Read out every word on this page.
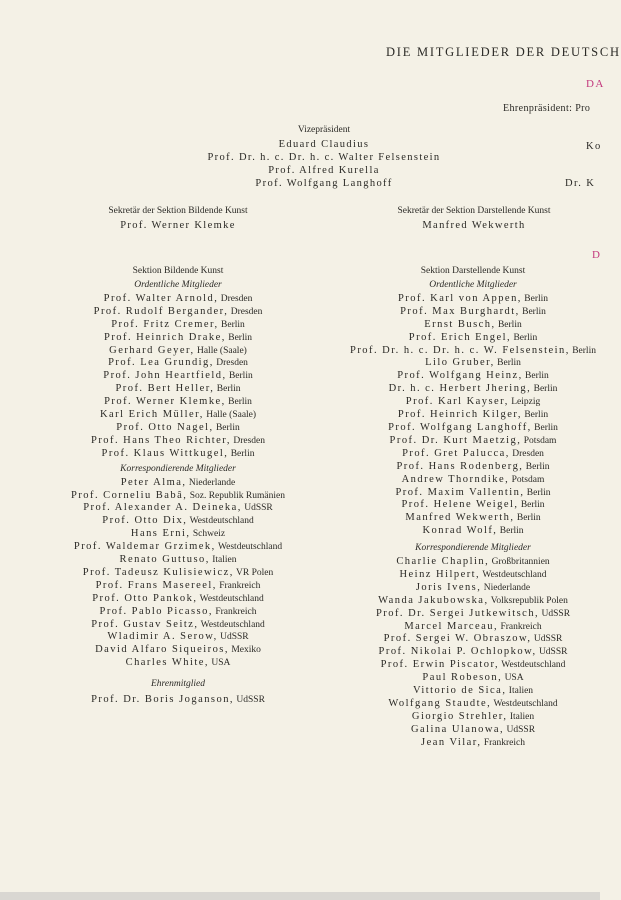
DIE MITGLIEDER DER DEUTSCH
DA
Ehrenpräsident: Pro
Ko
Dr. K
D
Vizepräsident
Eduard Claudius
Prof. Dr. h. c. Dr. h. c. Walter Felsenstein
Prof. Alfred Kurella
Prof. Wolfgang Langhoff
Sekretär der Sektion Bildende Kunst
Prof. Werner Klemke
Sekretär der Sektion Darstellende Kunst
Manfred Wekwerth
Sektion Bildende Kunst
Ordentliche Mitglieder
Prof. Walter Arnold, Dresden
Prof. Rudolf Bergander, Dresden
Prof. Fritz Cremer, Berlin
Prof. Heinrich Drake, Berlin
Gerhard Geyer, Halle (Saale)
Prof. Lea Grundig, Dresden
Prof. John Heartfield, Berlin
Prof. Bert Heller, Berlin
Prof. Werner Klemke, Berlin
Karl Erich Müller, Halle (Saale)
Prof. Otto Nagel, Berlin
Prof. Hans Theo Richter, Dresden
Prof. Klaus Wittkugel, Berlin
Korrespondierende Mitglieder
Peter Alma, Niederlande
Prof. Corneliu Babâ, Soz. Republik Rumänien
Prof. Alexander A. Deineka, UdSSR
Prof. Otto Dix, Westdeutschland
Hans Erni, Schweiz
Prof. Waldemar Grzimek, Westdeutschland
Renato Guttuso, Italien
Prof. Tadeusz Kulisiewicz, VR Polen
Prof. Frans Masereel, Frankreich
Prof. Otto Pankok, Westdeutschland
Prof. Pablo Picasso, Frankreich
Prof. Gustav Seitz, Westdeutschland
Wladimir A. Serow, UdSSR
David Alfaro Siqueiros, Mexiko
Charles White, USA
Ehrenmitglied
Prof. Dr. Boris Joganson, UdSSR
Sektion Darstellende Kunst
Ordentliche Mitglieder
Prof. Karl von Appen, Berlin
Prof. Max Burghardt, Berlin
Ernst Busch, Berlin
Prof. Erich Engel, Berlin
Prof. Dr. h. c. Dr. h. c. W. Felsenstein, Berlin
Lilo Gruber, Berlin
Prof. Wolfgang Heinz, Berlin
Dr. h. c. Herbert Jhering, Berlin
Prof. Karl Kayser, Leipzig
Prof. Heinrich Kilger, Berlin
Prof. Wolfgang Langhoff, Berlin
Prof. Dr. Kurt Maetzig, Potsdam
Prof. Gret Palucca, Dresden
Prof. Hans Rodenberg, Berlin
Andrew Thorndike, Potsdam
Prof. Maxim Vallentin, Berlin
Prof. Helene Weigel, Berlin
Manfred Wekwerth, Berlin
Konrad Wolf, Berlin
Korrespondierende Mitglieder
Charlie Chaplin, Großbritannien
Heinz Hilpert, Westdeutschland
Joris Ivens, Niederlande
Wanda Jakubowska, Volksrepublik Polen
Prof. Dr. Sergei Jutkewitsch, UdSSR
Marcel Marceau, Frankreich
Prof. Sergei W. Obraszow, UdSSR
Prof. Nikolai P. Ochlopkow, UdSSR
Prof. Erwin Piscator, Westdeutschland
Paul Robeson, USA
Vittorio de Sica, Italien
Wolfgang Staudte, Westdeutschland
Giorgio Strehler, Italien
Galina Ulanowa, UdSSR
Jean Vilar, Frankreich
